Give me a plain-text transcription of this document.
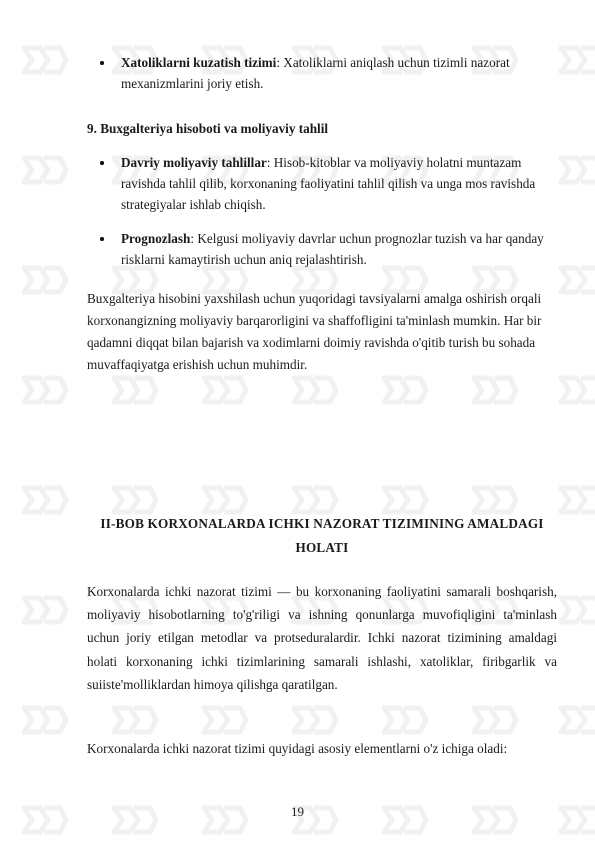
Xatoliklarni kuzatish tizimi: Xatoliklarni aniqlash uchun tizimli nazorat mexanizmlarini joriy etish.
9. Buxgalteriya hisoboti va moliyaviy tahlil
Davriy moliyaviy tahlillar: Hisob-kitoblar va moliyaviy holatni muntazam ravishda tahlil qilib, korxonaning faoliyatini tahlil qilish va unga mos ravishda strategiyalar ishlab chiqish.
Prognozlash: Kelgusi moliyaviy davrlar uchun prognozlar tuzish va har qanday risklarni kamaytirish uchun aniq rejalashtirish.
Buxgalteriya hisobini yaxshilash uchun yuqoridagi tavsiyalarni amalga oshirish orqali korxonangizning moliyaviy barqarorligini va shaffofligini ta'minlash mumkin. Har bir qadamni diqqat bilan bajarish va xodimlarni doimiy ravishda o'qitib turish bu sohada muvaffaqiyatga erishish uchun muhimdir.
II-BOB KORXONALARDA ICHKI NAZORAT TIZIMINING AMALDAGI HOLATI
Korxonalarda ichki nazorat tizimi — bu korxonaning faoliyatini samarali boshqarish, moliyaviy hisobotlarning to'g'riligi va ishning qonunlarga muvofiqligini ta'minlash uchun joriy etilgan metodlar va protseduralardir. Ichki nazorat tizimining amaldagi holati korxonaning ichki tizimlarining samarali ishlashi, xatoliklar, firibgarlik va suiiste'molliklardan himoya qilishga qaratilgan.
Korxonalarda ichki nazorat tizimi quyidagi asosiy elementlarni o'z ichiga oladi:
19
